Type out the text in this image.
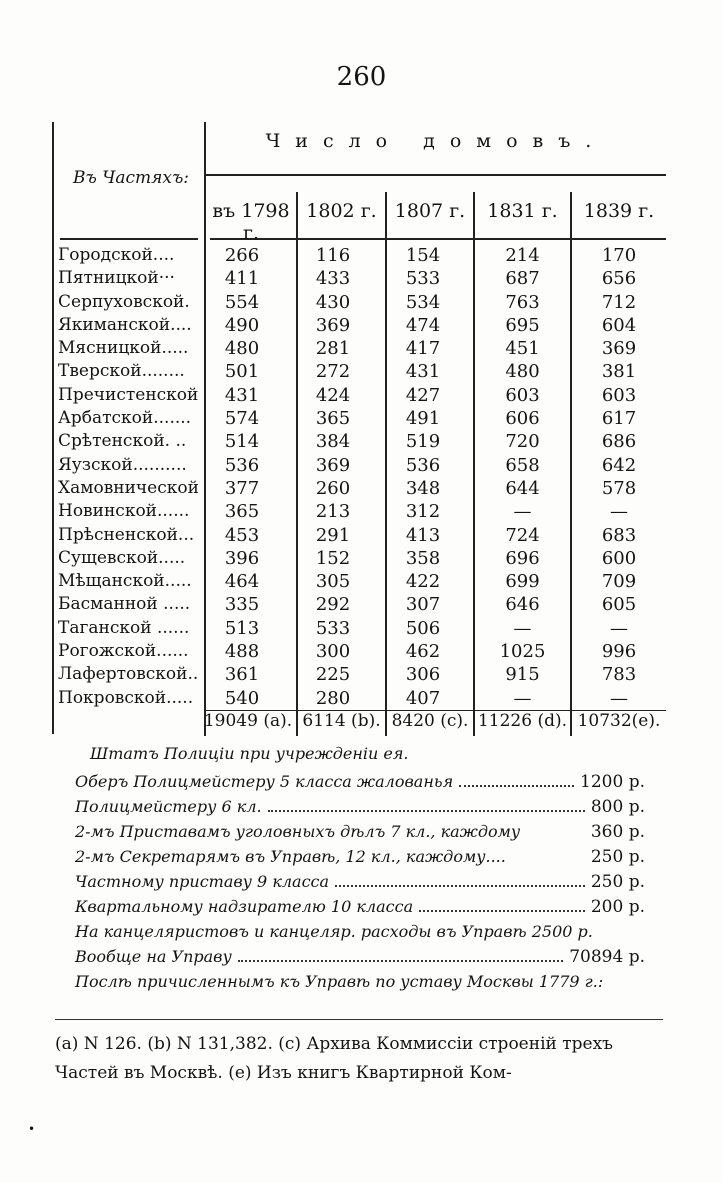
260
Число домовъ.
Въ Частяхъ:
въ 1798 г.
1802 г. 1807 г.	1831 г.	1839 г.
Городской....	266	116	154	214	170
Пятницкой···	411	433	533	687	656
Серпуховской.	554	430	534	763	712
Якиманской....	490	369	474	695	604
Мясницкой.....	480	281	417	451	369
Тверской........	501	272	431	480	381
Пречистенской	431	424	427	603	603
Арбатской.......	574	365	491	606	617
Срѣтенской. ..	514	384	519	720	686
Яузской..........	536	369	536	658	642
Хамовнической	377	260	348	644	578
Новинской......	365	213	312	—	—
Прѣсненской...	453	291	413	724	683
Сущевской.....	396	152	358	696	600
Мѣщанской.....	464	305	422	699	709
Басманной .....	335	292	307	646	605
Таганской ......	513	533	506	—	—
Рогожской......	488	300	462	1025	996
Лафертовской..	361	225	306	915	783
Покровской.....	540	280	407	—	—
19049 (a). 6114 (b). 8420 (c). 11226 (d). 10732(e).
Штатъ Полиціи при учрежденіи ея.
Оберъ Полицмейстеру 5 класса жалованья	1200 р.
Полицмейстеру 6 кл.	800 р.
2-мъ Приставамъ уголовныхъ дѣлъ 7 кл., каждому	360 р.
2-мъ Секретарямъ въ Управѣ, 12 кл., каждому....	250 р.
Частному приставу 9 класса	250 р.
Квартальному надзирателю 10 класса	200 р.
На канцеляристовъ и канцеляр. расходы въ Управѣ 2500 р.
Вообще на Управу	70894 р.
Послѣ причисленнымъ къ Управѣ по уставу Москвы 1779 г.:
(a) N 126. (b) N 131,382. (c) Архива Коммиссіи строеній трехъ Частей въ Москвѣ. (e) Изъ книгъ Квартирной Ком-
•
